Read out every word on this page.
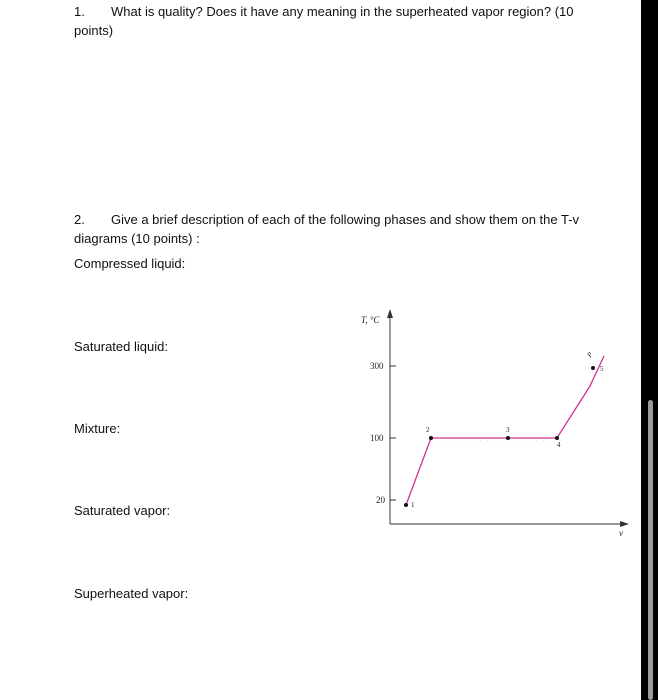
1. What is quality? Does it have any meaning in the superheated vapor region? (10
points)
2. Give a brief description of each of the following phases and show them on the T-v
diagrams (10 points) :
Compressed liquid:
Saturated liquid:
Mixture:
Saturated vapor:
Superheated vapor:
T, °C
v
300
100
20	1
2	3
4
5
P
